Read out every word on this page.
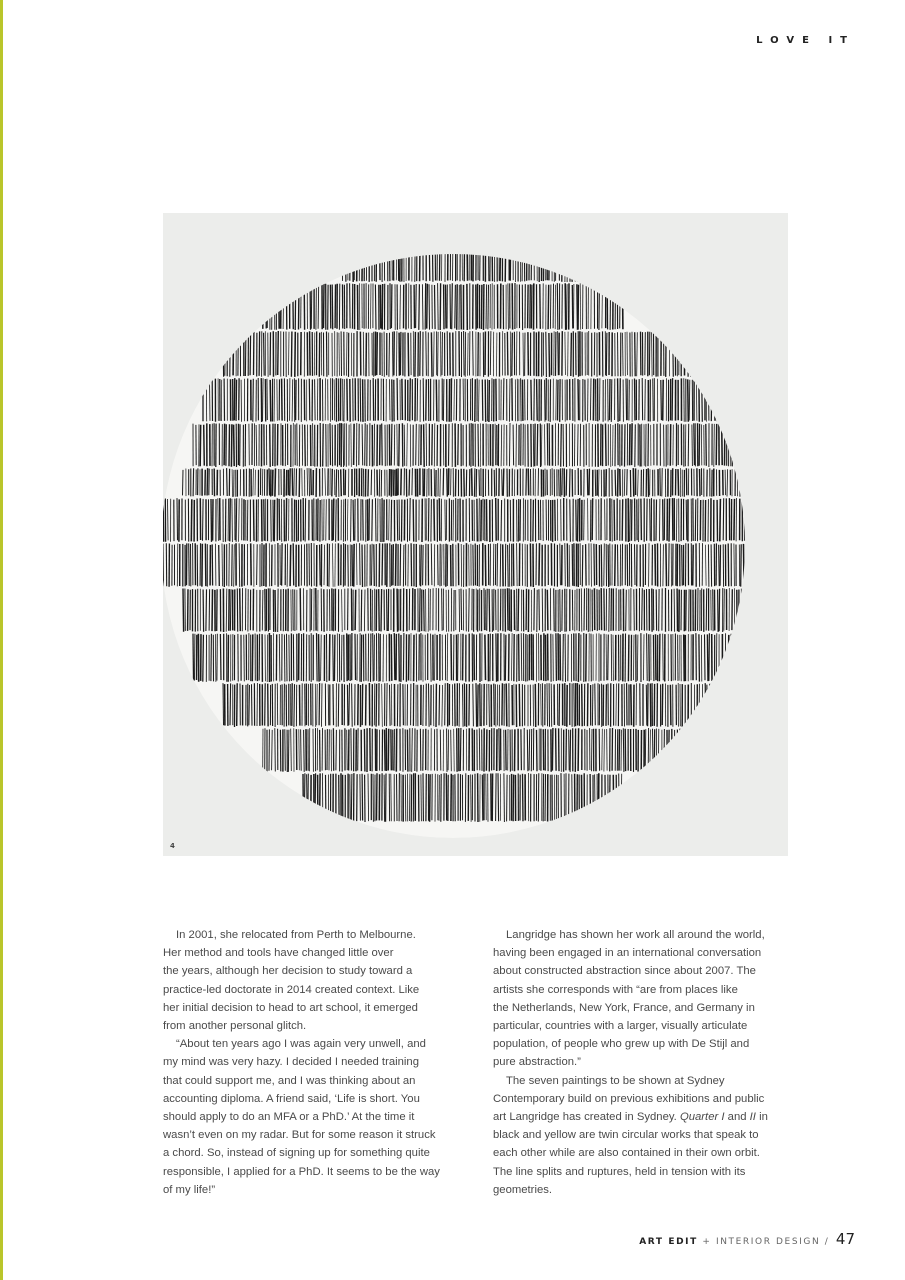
LOVE IT
4
In 2001, she relocated from Perth to Melbourne.
Her method and tools have changed little over
the years, although her decision to study toward a
practice-led doctorate in 2014 created context. Like
her initial decision to head to art school, it emerged
from another personal glitch.
“About ten years ago I was again very unwell, and
my mind was very hazy. I decided I needed training
that could support me, and I was thinking about an
accounting diploma. A friend said, ‘Life is short. You
should apply to do an MFA or a PhD.’ At the time it
wasn’t even on my radar. But for some reason it struck
a chord. So, instead of signing up for something quite
responsible, I applied for a PhD. It seems to be the way
of my life!”
Langridge has shown her work all around the world,
having been engaged in an international conversation
about constructed abstraction since about 2007. The
artists she corresponds with “are from places like
the Netherlands, New York, France, and Germany in
particular, countries with a larger, visually articulate
population, of people who grew up with De Stijl and
pure abstraction.”
The seven paintings to be shown at Sydney
Contemporary build on previous exhibitions and public
art Langridge has created in Sydney. Quarter I and II in
black and yellow are twin circular works that speak to
each other while are also contained in their own orbit.
The line splits and ruptures, held in tension with its
geometries.
ART EDIT + INTERIOR DESIGN / 47
